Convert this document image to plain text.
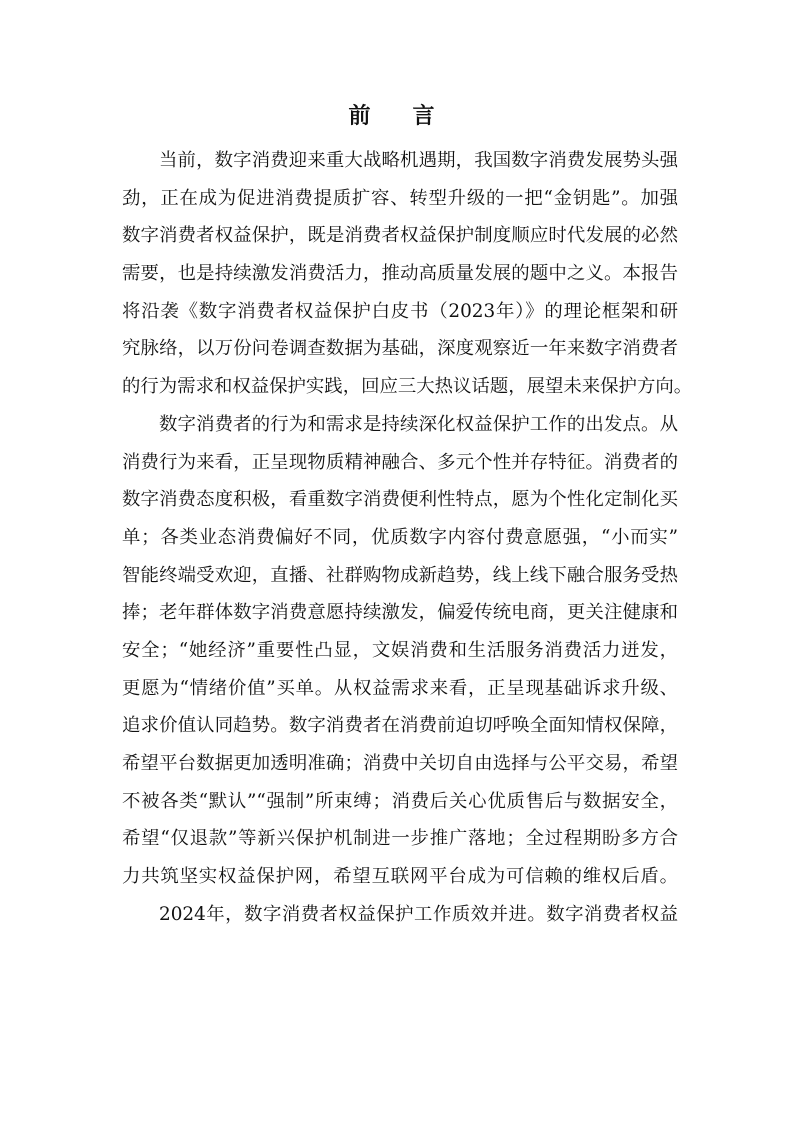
前　言
当前，数字消费迎来重大战略机遇期，我国数字消费发展势头强
劲，正在成为促进消费提质扩容、转型升级的一把“金钥匙”。加强
数字消费者权益保护，既是消费者权益保护制度顺应时代发展的必然
需要，也是持续激发消费活力，推动高质量发展的题中之义。本报告
将沿袭《数字消费者权益保护白皮书（2023年）》的理论框架和研
究脉络，以万份问卷调查数据为基础，深度观察近一年来数字消费者
的行为需求和权益保护实践，回应三大热议话题，展望未来保护方向。
数字消费者的行为和需求是持续深化权益保护工作的出发点。从
消费行为来看，正呈现物质精神融合、多元个性并存特征。消费者的
数字消费态度积极，看重数字消费便利性特点，愿为个性化定制化买
单；各类业态消费偏好不同，优质数字内容付费意愿强，“小而实”
智能终端受欢迎，直播、社群购物成新趋势，线上线下融合服务受热
捧；老年群体数字消费意愿持续激发，偏爱传统电商，更关注健康和
安全；“她经济”重要性凸显，文娱消费和生活服务消费活力迸发，
更愿为“情绪价值”买单。从权益需求来看，正呈现基础诉求升级、
追求价值认同趋势。数字消费者在消费前迫切呼唤全面知情权保障，
希望平台数据更加透明准确；消费中关切自由选择与公平交易，希望
不被各类“默认”“强制”所束缚；消费后关心优质售后与数据安全，
希望“仅退款”等新兴保护机制进一步推广落地；全过程期盼多方合
力共筑坚实权益保护网，希望互联网平台成为可信赖的维权后盾。
2024年，数字消费者权益保护工作质效并进。数字消费者权益
